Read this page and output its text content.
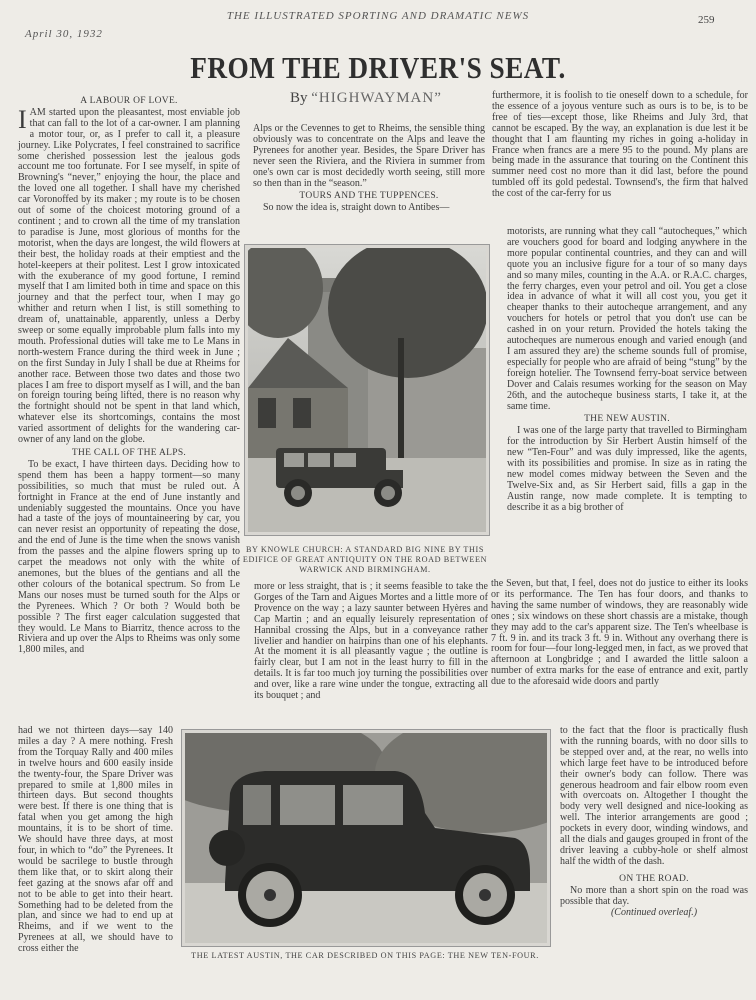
April 30, 1932
THE ILLUSTRATED SPORTING AND DRAMATIC NEWS	259
FROM THE DRIVER'S SEAT.
By “HIGHWAYMAN”
A LABOUR OF LOVE.

IAM started upon the pleasantest, most enviable job that can fall to the lot of a car-owner. I am planning a motor tour, or, as I prefer to call it, a pleasure journey. Like Polycrates, I feel constrained to sacrifice some cherished possession lest the jealous gods account me too fortunate. For I see myself, in spite of Browning's “never,” enjoying the hour, the place and the loved one all together. I shall have my cherished car Voronoffed by its maker ; my route is to be chosen out of some of the choicest motoring ground of a continent ; and to crown all the time of my translation to paradise is June, most glorious of months for the motorist, when the days are longest, the wild flowers at their best, the holiday roads at their emptiest and the hotel-keepers at their politest. Lest I grow intoxicated with the exuberance of my good fortune, I remind myself that I am limited both in time and space on this journey and that the perfect tour, when I may go whither and return when I list, is still something to dream of, unattainable, apparently, unless a Derby sweep or some equally improbable plum falls into my mouth. Professional duties will take me to Le Mans in north-western France during the third week in June ; on the first Sunday in July I shall be due at Rheims for another race. Between those two dates and those two places I am free to disport myself as I will, and the ban on foreign touring being lifted, there is no reason why the fortnight should not be spent in that land which, whatever else its shortcomings, contains the most varied assortment of delights for the wandering car-owner of any land on the globe.

THE CALL OF THE ALPS.

To be exact, I have thirteen days. Deciding how to spend them has been a happy torment—so many possibilities, so much that must be ruled out. A fortnight in France at the end of June instantly and undeniably suggested the mountains. Once you have had a taste of the joys of mountaineering by car, you can never resist an opportunity of repeating the dose, and the end of June is the time when the snows vanish from the passes and the alpine flowers spring up to carpet the meadows not only with the white of anemones, but the blues of the gentians and all the other colours of the botanical spectrum. So from Le Mans our noses must be turned south for the Alps or the Pyrenees. Which ? Or both ? Would both be possible ? The first eager calculation suggested that they would. Le Mans to Biarritz, thence across to the Riviera and up over the Alps to Rheims was only some 1,800 miles, and

had we not thirteen days—say 140 miles a day ? A mere nothing. Fresh from the Torquay Rally and 400 miles in twelve hours and 600 easily inside the twenty-four, the Spare Driver was prepared to smile at 1,800 miles in thirteen days. But second thoughts were best. If there is one thing that is fatal when you get among the high mountains, it is to be short of time. We should have three days, at most four, in which to “do” the Pyrenees. It would be sacrilege to bustle through them like that, or to skirt along their feet gazing at the snows afar off and not to be able to get into their heart. Something had to be deleted from the plan, and since we had to end up at Rheims, and if we went to the Pyrenees at all, we should have to cross either the

Alps or the Cevennes to get to Rheims, the sensible thing obviously was to concentrate on the Alps and leave the Pyrenees for another year. Besides, the Spare Driver has never seen the Riviera, and the Riviera in summer from one's own car is most decidedly worth seeing, still more so then than in the “season.”

TOURS AND THE TUPPENCES.

So now the idea is, straight down to Antibes—

BY KNOWLE CHURCH: A STANDARD BIG NINE BY THIS EDIFICE OF GREAT ANTIQUITY ON THE ROAD BETWEEN WARWICK AND BIRMINGHAM.

more or less straight, that is ; it seems feasible to take the Gorges of the Tarn and Aigues Mortes and a little more of Provence on the way ; a lazy saunter between Hyères and Cap Martin ; and an equally leisurely representation of Hannibal crossing the Alps, but in a conveyance rather livelier and handier on hairpins than one of his elephants. At the moment it is all pleasantly vague ; the outline is fairly clear, but I am not in the least hurry to fill in the details. It is far too much joy turning the possibilities over and over, like a rare wine under the tongue, extracting all its bouquet ; and

furthermore, it is foolish to tie oneself down to a schedule, for the essence of a joyous venture such as ours is to be, is to be free of ties—except those, like Rheims and July 3rd, that cannot be escaped. By the way, an explanation is due lest it be thought that I am flaunting my riches in going a-holiday in France when francs are a mere 95 to the pound. My plans are being made in the assurance that touring on the Continent this summer need cost no more than it did last, before the pound tumbled off its gold pedestal. Townsend's, the firm that halved the cost of the car-ferry for us

motorists, are running what they call “autocheques,” which are vouchers good for board and lodging anywhere in the more popular continental countries, and they can and will quote you an inclusive figure for a tour of so many days and so many miles, counting in the A.A. or R.A.C. charges, the ferry charges, even your petrol and oil. You get a close idea in advance of what it will all cost you, you get it cheaper thanks to their autocheque arrangement, and any vouchers for hotels or petrol that you don't use can be cashed in on your return. Provided the hotels taking the autocheques are numerous enough and varied enough (and I am assured they are) the scheme sounds full of promise, especially for people who are afraid of being “stung” by the foreign hotelier. The Townsend ferry-boat service between Dover and Calais resumes working for the season on May 26th, and the autocheque business starts, I take it, at the same time.

THE NEW AUSTIN.

I was one of the large party that travelled to Birmingham for the introduction by Sir Herbert Austin himself of the new “Ten-Four” and was duly impressed, like the agents, with its possibilities and promise. In size as in rating the new model comes midway between the Seven and the Twelve-Six and, as Sir Herbert said, fills a gap in the Austin range, now made complete. It is tempting to describe it as a big brother of

the Seven, but that, I feel, does not do justice to either its looks or its performance. The Ten has four doors, and thanks to having the same number of windows, they are reasonably wide ones ; six windows on these short chassis are a mistake, though they may add to the car's apparent size. The Ten's wheelbase is 7 ft. 9 in. and its track 3 ft. 9 in. Without any overhang there is room for four—four long-legged men, in fact, as we proved that afternoon at Longbridge ; and I awarded the little saloon a number of extra marks for the ease of entrance and exit, partly due to the aforesaid wide doors and partly

to the fact that the floor is practically flush with the running boards, with no door sills to be stepped over and, at the rear, no wells into which large feet have to be introduced before their owner's body can follow. There was generous headroom and fair elbow room even with overcoats on. Altogether I thought the body very well designed and nice-looking as well. The interior arrangements are good ; pockets in every door, winding windows, and all the dials and gauges grouped in front of the driver leaving a cubby-hole or shelf almost half the width of the dash.

ON THE ROAD.

No more than a short spin on the road was possible that day.

(Continued overleaf.)

THE LATEST AUSTIN, THE CAR DESCRIBED ON THIS PAGE: THE NEW TEN-FOUR.
